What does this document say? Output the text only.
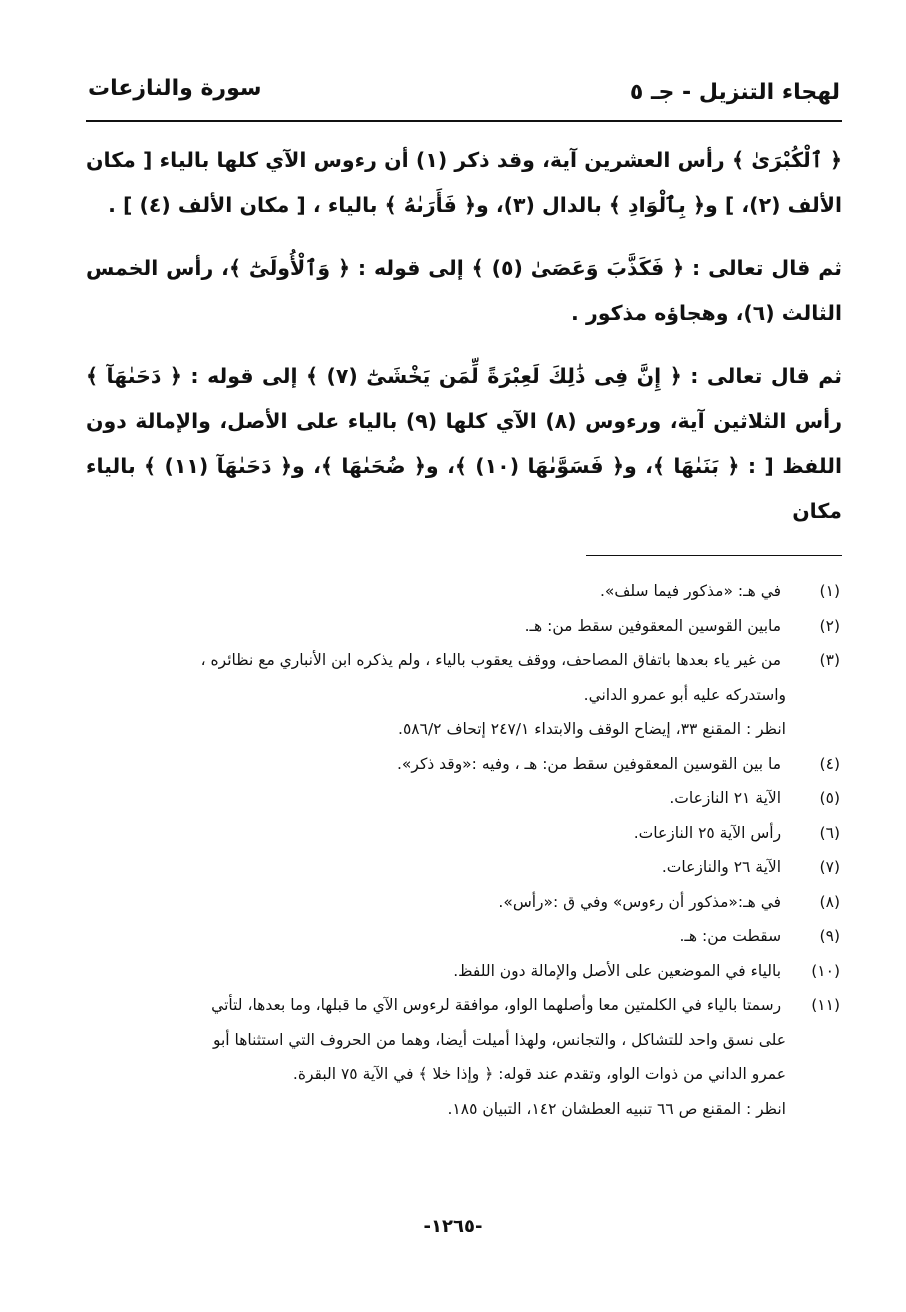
لهجاء التنزيل - جـ ٥
سورة والنازعات

﴿ ٱلْكُبْرَىٰ ﴾ رأس العشرين آية، وقد ذكر (١) أن رءوس الآي كلها بالياء [ مكان الألف (٢)، ] و﴿ بِٱلْوَادِ ﴾ بالدال (٣)، و﴿ فَأَرَىٰهُ ﴾ بالياء ، [ مكان الألف (٤) ] .

ثم قال تعالى : ﴿ فَكَذَّبَ وَعَصَىٰ (٥) ﴾ إلى قوله : ﴿ وَٱلْأُولَىٰٓ ﴾، رأس الخمس الثالث (٦)، وهجاؤه مذكور .

ثم قال تعالى : ﴿ إِنَّ فِى ذَٰلِكَ لَعِبْرَةً لِّمَن يَخْشَىٰٓ (٧) ﴾ إلى قوله : ﴿ دَحَىٰهَآ ﴾ رأس الثلاثين آية، ورءوس (٨) الآي كلها (٩) بالياء على الأصل، والإمالة دون اللفظ [ : ﴿ بَنَىٰهَا ﴾، و﴿ فَسَوَّىٰهَا (١٠) ﴾، و﴿ ضُحَىٰهَا ﴾، و﴿ دَحَىٰهَآ (١١) ﴾ بالياء مكان

(١) في هـ: «مذكور فيما سلف».
(٢) مابين القوسين المعقوفين سقط من: هـ.
(٣) من غير ياء بعدها باتفاق المصاحف، ووقف يعقوب بالياء ، ولم يذكره ابن الأنباري مع نظائره ،
واستدركه عليه أبو عمرو الداني.
انظر : المقنع ٣٣، إيضاح الوقف والابتداء ٢٤٧/١ إتحاف ٥٨٦/٢.
(٤) ما بين القوسين المعقوفين سقط من: هـ ، وفيه :«وقد ذكر».
(٥) الآية ٢١ النازعات.
(٦) رأس الآية ٢٥ النازعات.
(٧) الآية ٢٦ والنازعات.
(٨) في هـ:«مذكور أن رءوس» وفي ق :«رأس».
(٩) سقطت من: هـ.
(١٠) بالياء في الموضعين على الأصل والإمالة دون اللفظ.
(١١) رسمتا بالياء في الكلمتين معا وأصلهما الواو، موافقة لرءوس الآي ما قبلها، وما بعدها، لتأتي
على نسق واحد للتشاكل ، والتجانس، ولهذا أميلت أيضا، وهما من الحروف التي استثناها أبو
عمرو الداني من ذوات الواو، وتقدم عند قوله: ﴿ وإذا خلا ﴾ في الآية ٧٥ البقرة.
انظر : المقنع ص ٦٦ تنبيه العطشان ١٤٢، التبيان ١٨٥.
-١٢٦٥-
